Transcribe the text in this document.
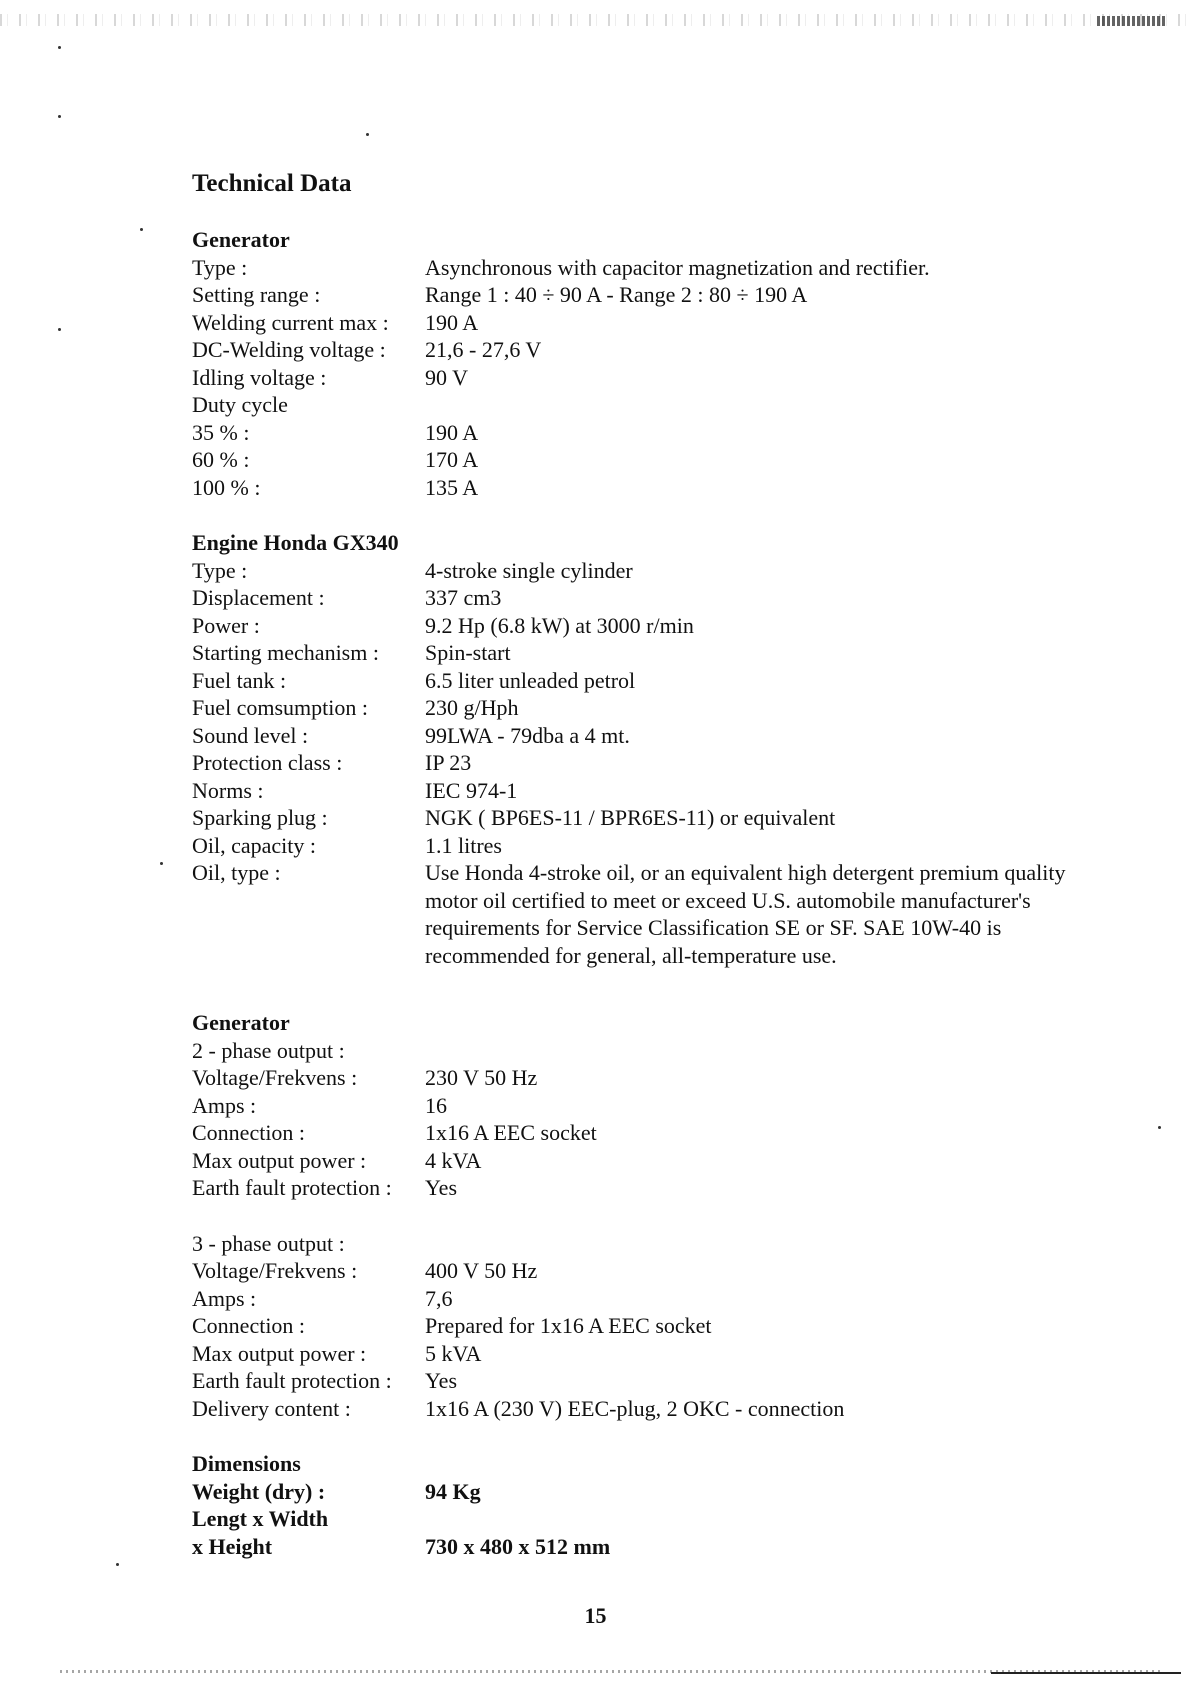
Technical Data
Generator
Type :	Asynchronous with capacitor magnetization and rectifier.
Setting range :	Range 1 : 40 ÷ 90 A - Range 2 : 80 ÷ 190 A
Welding current max :	190 A
DC-Welding voltage :	21,6 - 27,6 V
Idling voltage :	90 V
Duty cycle
35 % :	190 A
60 % :	170 A
100 % :	135 A
Engine Honda GX340
Type :	4-stroke single cylinder
Displacement :	337 cm3
Power :	9.2 Hp (6.8 kW) at 3000 r/min
Starting mechanism :	Spin-start
Fuel tank :	6.5 liter unleaded petrol
Fuel comsumption :	230 g/Hph
Sound level :	99LWA - 79dba a 4 mt.
Protection class :	IP 23
Norms :	IEC 974-1
Sparking plug :	NGK ( BP6ES-11 / BPR6ES-11) or equivalent
Oil, capacity :	1.1 litres
Oil, type :	Use Honda 4-stroke oil, or an equivalent high detergent premium quality motor oil certified to meet or exceed U.S. automobile manufacturer's requirements for Service Classification SE or SF. SAE 10W-40 is recommended for general, all-temperature use.
Generator
2 - phase output :
Voltage/Frekvens :	230 V 50 Hz
Amps :	16
Connection :	1x16 A EEC socket
Max output power :	4 kVA
Earth fault protection :	Yes
3 - phase output :
Voltage/Frekvens :	400 V 50 Hz
Amps :	7,6
Connection :	Prepared for 1x16 A EEC socket
Max output power :	5 kVA
Earth fault protection :	Yes
Delivery content :	1x16 A (230 V) EEC-plug, 2 OKC - connection
Dimensions
Weight (dry) :	94 Kg
Lengt x Width
x Height	730 x 480 x 512 mm
15
